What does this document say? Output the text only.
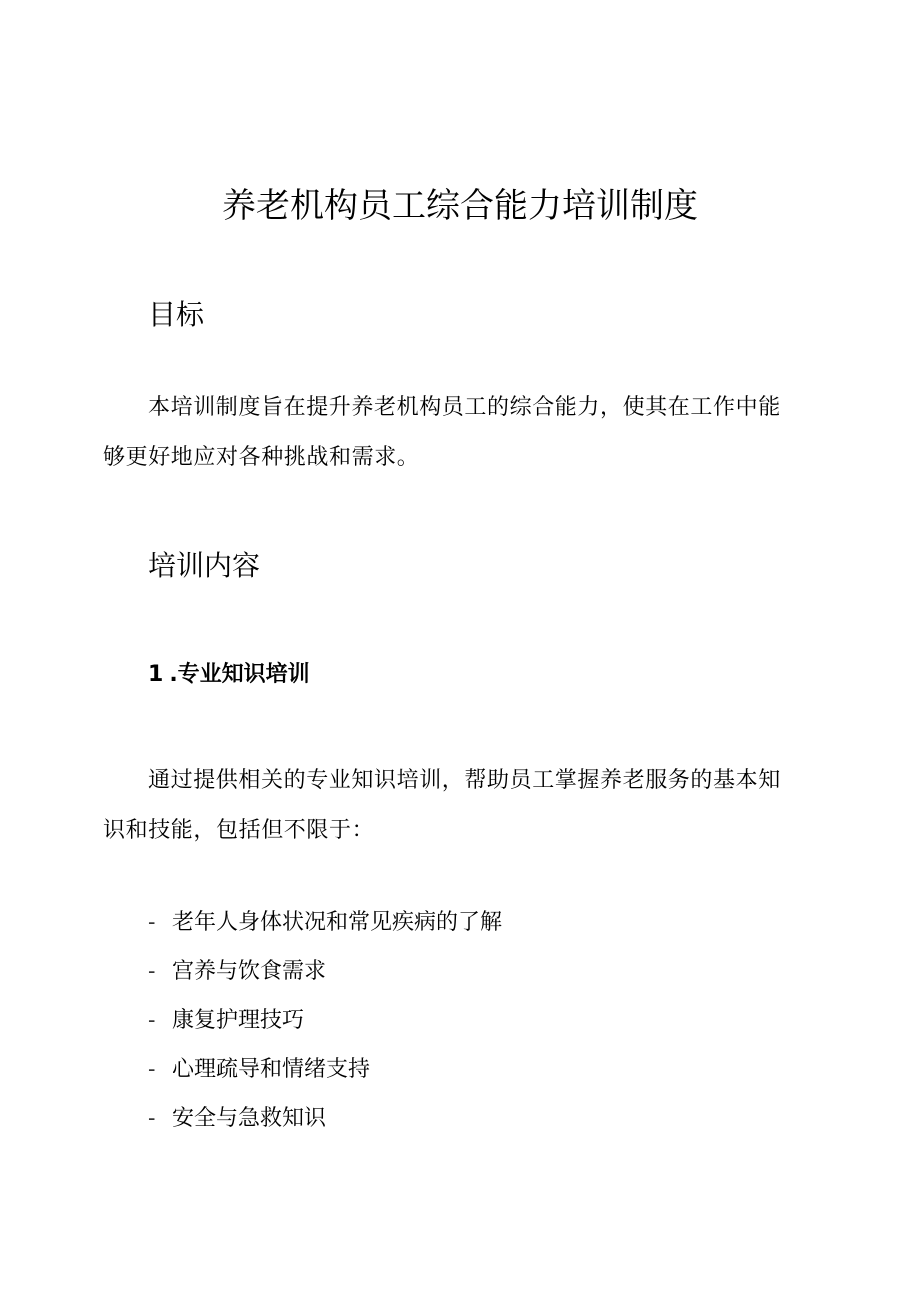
养老机构员工综合能力培训制度
目标

本培训制度旨在提升养老机构员工的综合能力，使其在工作中能够更好地应对各种挑战和需求。

培训内容
1 .专业知识培训

通过提供相关的专业知识培训，帮助员工掌握养老服务的基本知识和技能，包括但不限于：

- 老年人身体状况和常见疾病的了解
- 宫养与饮食需求
- 康复护理技巧
- 心理疏导和情绪支持
- 安全与急救知识
